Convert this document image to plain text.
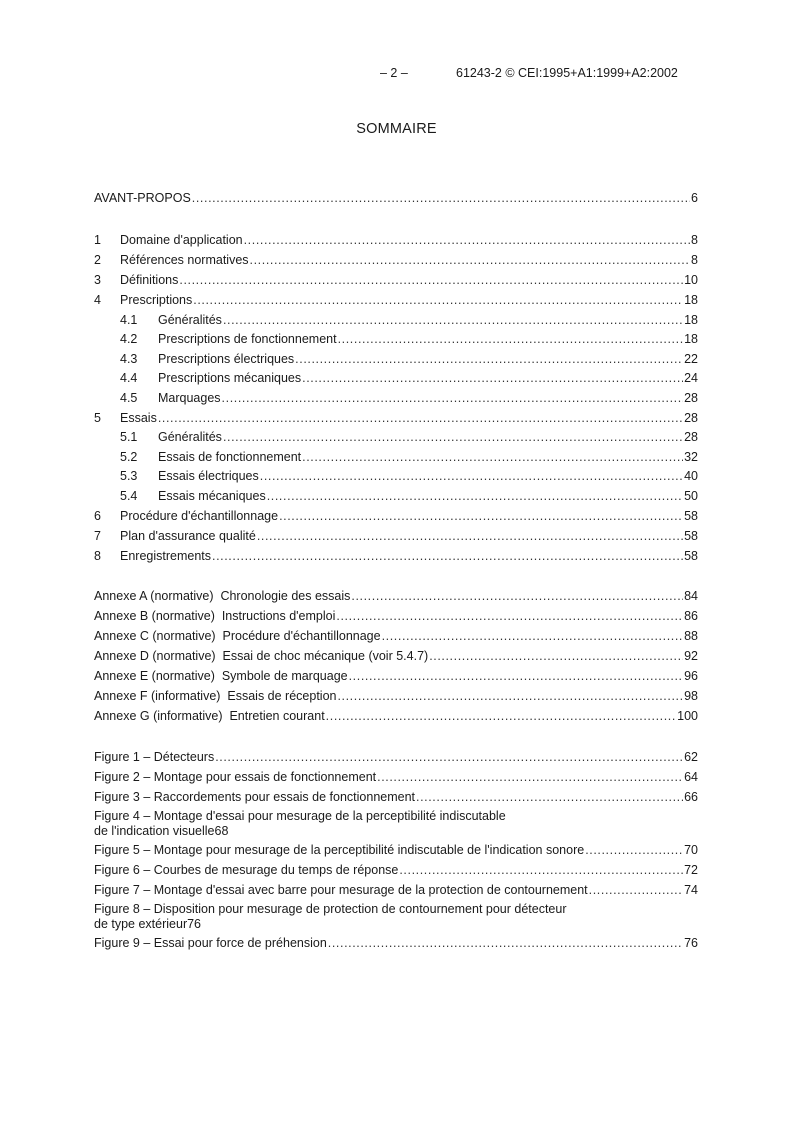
– 2 –	61243-2 © CEI:1995+A1:1999+A2:2002
SOMMAIRE
AVANT-PROPOS .....	6
1	Domaine d'application .....	8
2	Références normatives .....	8
3	Définitions .....	10
4	Prescriptions .....	18
4.1	Généralités .....	18
4.2	Prescriptions de fonctionnement .....	18
4.3	Prescriptions électriques .....	22
4.4	Prescriptions mécaniques .....	24
4.5	Marquages .....	28
5	Essais .....	28
5.1	Généralités .....	28
5.2	Essais de fonctionnement .....	32
5.3	Essais électriques .....	40
5.4	Essais mécaniques .....	50
6	Procédure d'échantillonnage .....	58
7	Plan d'assurance qualité .....	58
8	Enregistrements .....	58
Annexe A (normative)  Chronologie des essais .....	84
Annexe B (normative)  Instructions d'emploi .....	86
Annexe C (normative)  Procédure d'échantillonnage .....	88
Annexe D (normative)  Essai de choc mécanique (voir 5.4.7) .....	92
Annexe E (normative)  Symbole de marquage .....	96
Annexe F (informative)  Essais de réception .....	98
Annexe G (informative)  Entretien courant .....	100
Figure 1 – Détecteurs .....	62
Figure 2 – Montage pour essais de fonctionnement .....	64
Figure 3 – Raccordements pour essais de fonctionnement .....	66
Figure 4 – Montage d'essai pour mesurage de la perceptibilité indiscutable
de l'indication visuelle 68
Figure 5 – Montage pour mesurage de la perceptibilité indiscutable de l'indication sonore .....	70
Figure 6 – Courbes de mesurage du temps de réponse .....	72
Figure 7 – Montage d'essai avec barre pour mesurage de la protection de contournement .....	74
Figure 8 – Disposition pour mesurage de protection de contournement pour détecteur
de type extérieur 76
Figure 9 – Essai pour force de préhension .....	76
